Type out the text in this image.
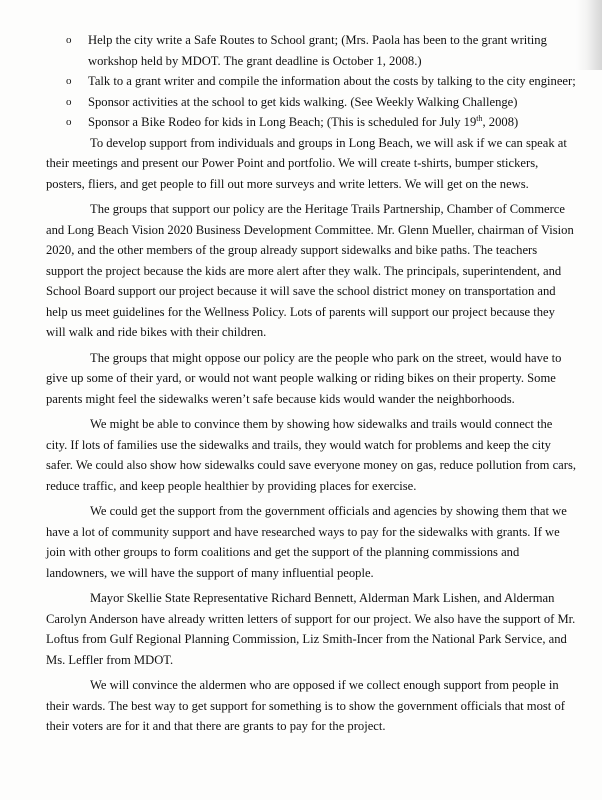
o Help the city write a Safe Routes to School grant; (Mrs. Paola has been to the grant writing workshop held by MDOT. The grant deadline is October 1, 2008.)
o Talk to a grant writer and compile the information about the costs by talking to the city engineer;
o Sponsor activities at the school to get kids walking. (See Weekly Walking Challenge)
o Sponsor a Bike Rodeo for kids in Long Beach; (This is scheduled for July 19th, 2008)

To develop support from individuals and groups in Long Beach, we will ask if we can speak at their meetings and present our Power Point and portfolio. We will create t-shirts, bumper stickers, posters, fliers, and get people to fill out more surveys and write letters. We will get on the news.

The groups that support our policy are the Heritage Trails Partnership, Chamber of Commerce and Long Beach Vision 2020 Business Development Committee. Mr. Glenn Mueller, chairman of Vision 2020, and the other members of the group already support sidewalks and bike paths. The teachers support the project because the kids are more alert after they walk. The principals, superintendent, and School Board support our project because it will save the school district money on transportation and help us meet guidelines for the Wellness Policy. Lots of parents will support our project because they will walk and ride bikes with their children.

The groups that might oppose our policy are the people who park on the street, would have to give up some of their yard, or would not want people walking or riding bikes on their property. Some parents might feel the sidewalks weren’t safe because kids would wander the neighborhoods.

We might be able to convince them by showing how sidewalks and trails would connect the city. If lots of families use the sidewalks and trails, they would watch for problems and keep the city safer. We could also show how sidewalks could save everyone money on gas, reduce pollution from cars, reduce traffic, and keep people healthier by providing places for exercise.

We could get the support from the government officials and agencies by showing them that we have a lot of community support and have researched ways to pay for the sidewalks with grants. If we join with other groups to form coalitions and get the support of the planning commissions and landowners, we will have the support of many influential people.

Mayor Skellie State Representative Richard Bennett, Alderman Mark Lishen, and Alderman Carolyn Anderson have already written letters of support for our project. We also have the support of Mr. Loftus from Gulf Regional Planning Commission, Liz Smith-Incer from the National Park Service, and Ms. Leffler from MDOT.

We will convince the aldermen who are opposed if we collect enough support from people in their wards. The best way to get support for something is to show the government officials that most of their voters are for it and that there are grants to pay for the project.
